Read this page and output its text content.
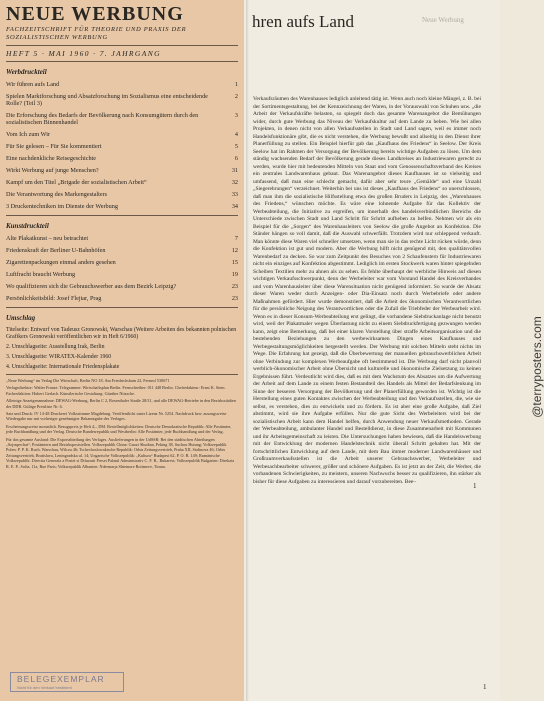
NEUE WERBUNG
FACHZEITSCHRIFT FÜR THEORIE UND PRAXIS DER
SOZIALISTISCHEN WERBUNG
HEFT 5 · MAI 1960 · 7. JAHRGANG
Werbdruckteil
Wir führen aufs Land	1
Spielen Marktforschung und Absatzforschung im Sozialismus eine entscheidende Rolle? (Teil 3)
2
Die Erforschung des Bedarfs der Bevölkerung nach Konsumgütern durch den sozialistischen Binnenhandel
3
Vom Ich zum Wir	4
Für Sie gelesen – Für Sie kommentiert	5
Eine nachdenkliche Reisegeschichte	6
Wirkt Werbung auf junge Menschen?	31
Kampf um den Titel „Brigade der sozialistischen Arbeit“	32
Die Verantwortung des Markengestalters	33
3 Druckentechniken im Dienste der Werbung	34
Kunstdruckteil
Alte Plakatkunst – neu betrachtet	7
Friedenskraft der Berliner U-Bahnhöfen	12
Zigarettenpackungen einmal anders gesehen	15
Luftfracht braucht Werbung	19
Wo qualifizieren sich die Gebrauchswerber aus dem Bezirk Leipzig?	23
Persönlichkeitsbild: Josef Flejtar, Prag	23
Umschlag

Titelseite: Entwurf von Tadeusz Gronowski, Warschau (Weitere Arbeiten des bekannten polnischen Grafikers Gronowski veröffentlichen wir in Heft 6/1960)

2. Umschlagseite: Ausstellung Irak, Berlin

3. Umschlagseite: WIRATEX-Kalender 1960

4. Umschlagseite: Internationale Friedensplakate

„Neue Werbung“ im Verlag Die Wirtschaft, Berlin NO 18, Am Friedrichshain 22, Fernruf 530671

Verlagsdirektor: Walter Franze. Telegramme: Wirtschaftsplan Berlin. Fernschreiber: 011 448 Berlin. Chefredakteur: Ernst K. Stein. Fachredaktion: Hubert Gerlach. Künstlerische Gestaltung: Günther Nitzsche.

Alleinige Anzeigenannahme: DEWAG-Werbung, Berlin C 2, Rosenthaler Straße 28/31, und alle DEWAG-Betriebe in den Bezirksstädten der DDR. Gültige Preisliste Nr. 6.

Satz und Druck: IV 14-48 Druckerei Volksstimme Magdeburg. Veröffentlicht unter Lizenz Nr. 5254. Nachdruck bzw. auszugsweise Wiedergabe nur mit vorheriger genehmigter Bekanntgabe des Verlages.

Erscheinungsweise monatlich. Bezugspreis je Heft 4,– DM. Bestellmöglichkeiten: Deutsche Demokratische Republik: Alle Postämter, jede Buchhandlung und der Verlag. Deutsche Bundesrepublik und Westberlin: Alle Postämter, jede Buchhandlung und der Verlag.

Für das gesamte Ausland: Die Exportabteilung des Verlages. Auslieferungen in der UdSSR: Bei den städtischen Abteilungen „Sojuspechat“, Postämtern und Bezirkspoststellen. Volksrepublik China: Guozi Shudian, Peking 38, Suchou Hutung; Volksrepublik Polen: P. P. K. Ruch, Warschau, Wilcza 46; Tschechoslowakische Republik: Orbis Zeitungsvertrieb, Praha XII, Stalinova 46; Orbis Zeitungsvertrieb, Bratislava, Leningradska ul. 14; Ungarische Volksrepublik: „Kultura“ Budapest 62, P. O. B. 149; Rumänische Volksrepublik: Directia Generala a Postei si Difuzarii Presei Palatul Administrativ C. F. R., Bukarest; Volksrepublik Bulgarien: Direkzia R. E. P., Sofia, 11a, Rue Paris; Volksrepublik Albanien: Ndermarja Shtetnore Botimeve, Tirana.

BELEGEXEMPLAR
Nicht für den Verkauf bestimmt
hren aufs Land	Neue Werbung

Verkaufsräumen des Warenhauses lediglich anleitend tätig ist. Wenn auch noch kleine Mängel, z. B. bei der Sortimentsgestaltung, bei der Kennzeichnung der Waren, in der Vorauswahl von Schuhen usw. „die Arbeit der Verkaufskräfte belasten, so spiegelt doch das gesamte Warenangebot die Bemühungen wider, durch gute Werbung das Niveau der Verkaufskultur auf dem Lande zu heben. Wie bei allen Projekten, in denen nicht von allen Verkaufsstellen in Stadt und Land sagen, weil es immer noch Handelsfunktionäre gibt, die es nicht verstehen, die Werbung bewußt und allseitig in den Dienst ihrer Planerfüllung zu stellen. Ein Beispiel hierfür gab das „Kaufhaus des Friedens“ in Seelow. Der Kreis Seelow hat im Rahmen der Versorgung der Bevölkerung bereits wichtige Aufgaben zu lösen. Um dem ständig wachsenden Bedarf der Bevölkerung gerade dieses Landkreises an Industriewaren gerecht zu werden, wurde hier mit bedeutenden Mitteln von Staat und vom Genossenschaftsverband des Kreises ein zentrales Landwarenhaus gebaut. Das Warenangebot dieses Kaufhauses ist so vielseitig und umfassend, daß man eine schlecht gemacht, dafür aber sehr teure „Gemälde“ und eine Unzahl „Siegerehrungen“ verzeichnet. Weiterhin bei uns ist dieses „Kaufhaus des Friedens“ so unerschlossen, daß man ihm die sozialistische Hilfsstellung etwa des großen Bruders in Leipzig, des „Warenhauses des Friedens,“ wünschen möchte. Es wäre eine lohnende Aufgabe für das Kollektiv der Werbeabteilung, die Initiative zu ergreifen, um innerhalb des handelsverbindlichen Bereichs die Unterschiede zwischen Stadt und Land Schritt für Schritt aufheben zu helfen. Nehmen wir als ein Beispiel für die „Sorgen“ des Warenhausleiters von Seelow die große Angebot an Konfektion. Die Ständer hängen so voll damit, daß die Auswahl schwerfällt. Trotzdem wird nur schleppend verkauft. Man könnte diese Waren viel schneller umsetzen, wenn man sie in das rechte Licht rücken würde, denn die Konfektion ist gut und modern. Aber die Werbung hilft nicht genügend mit, den qualitätsvollen Warenbedarf zu decken. So war zum Zeitpunkt des Besuches von 2 Schaufenstern für Industriewaren nicht ein einziges auf Konfektion abgestimmt. Lediglich im ersten Stockwerk waren hinter spiegelnden Scheiben Textilien mehr zu ahnen als zu sehen. Es fehlte überhaupt der werbliche Hinweis auf diesen wichtigen Verkaufsschwerpunkt, denn der Werbeleiter war vom Vorstand Handel des Kreisverbandes und vom Warenhausleiter über diese Warensituation nicht genügend informiert. So wurde der Absatz dieser Waren weder durch Anzeigen- oder Dia-Einsatz noch durch Werbebriefe oder andere Maßnahmen gefördert. Hier wurde demonstriert, daß die Arbeit des ökonomischen Verantwortlichen für die persönliche Neigung des Verantwortlichen oder die Zufall die Triebfeder der Werbearbeit wird. Wenn es in dieser Konsum-Werbeabteilung erst gelingt, die vorhandene Siebdruckanlage nicht benutzt wird, weil der Plakatmaler wegen Überlastung nicht zu einem Siebdruckfertigung gezwungen werden kann, zeigt eine Bemerkung, daß bei einer klaren Vorstellung über straffe Arbeitsorganisation und die bestehenden Beziehungen zu den werbewirksamen Dingen eines Kaufhauses und Werbegestaltungsmöglichkeiten hergestellt werden. Der Werbung mit solchen Mitteln steht nichts im Wege. Die Erfahrung hat gezeigt, daß die Überbewertung der manuellen gebrauchswerblichen Arbeit ohne Verbindung zur komplexen Werbeaufgabe oft bestimmend ist. Die Werbung darf nicht planvoll werblich-ökonomischer Arbeit ohne Übersicht und kulturelle und ökonomische Zielsetzung zu keinen Ergebnissen führt. Verdeutlicht wird dies, daß es mit dem Wachstum des Absatzes um die Aufwertung der Arbeit auf dem Lande zu einem festen Bestandteil des Handels als Mittel der Bedarfslenkung im Sinne der besseren Versorgung der Bevölkerung und der Planerfüllung geworden ist. Wichtig ist die Herstellung eines guten Kontaktes zwischen der Werbeabteilung und den Verkaufsstellen, die, wie sie selbst, es verstehen, dies zu entwickeln und zu fördern. Es ist aber eine große Aufgabe, daß Ziel abstimmt, wird sie ihre Aufgabe erfüllen. Nur die gute Sicht des Werbeleiters wird bei der sozialistischen Arbeit kann dem Handel helfen, durch Anwendung neuer Verkaufsmethoden. Gerade der Werbeabteilung, ambulanter Handel und Bestelldienst, in diese Zusammenarbeit mit Kommunen und ihr Arbeitsgemeinschaft zu leisten. Die Untersuchungen haben bewiesen, daß die Handelswerbung mit der Entwicklung der modernen Handelstechnik nicht überall Schritt gehalten hat. Mit der fortschrittlichen Entwicklung auf dem Lande, mit dem Bau immer moderner Landwarenhäuser und Großraumverkaufsstellen ist die Arbeit unserer Gebrauchswerber, Werbeleiter und Werbesachbearbeiter schwerer, größer und schönere Aufgaben. Es ist jetzt an der Zeit, die Werber, die vorhandenen Schwierigkeiten, zu meistern, unseren Nachwuchs besser zu qualifizieren, ihn stärker als bisher für diese Aufgaben zu interessieren und darauf vorzubereiten. Bee–

@terryposters.com
1
1
